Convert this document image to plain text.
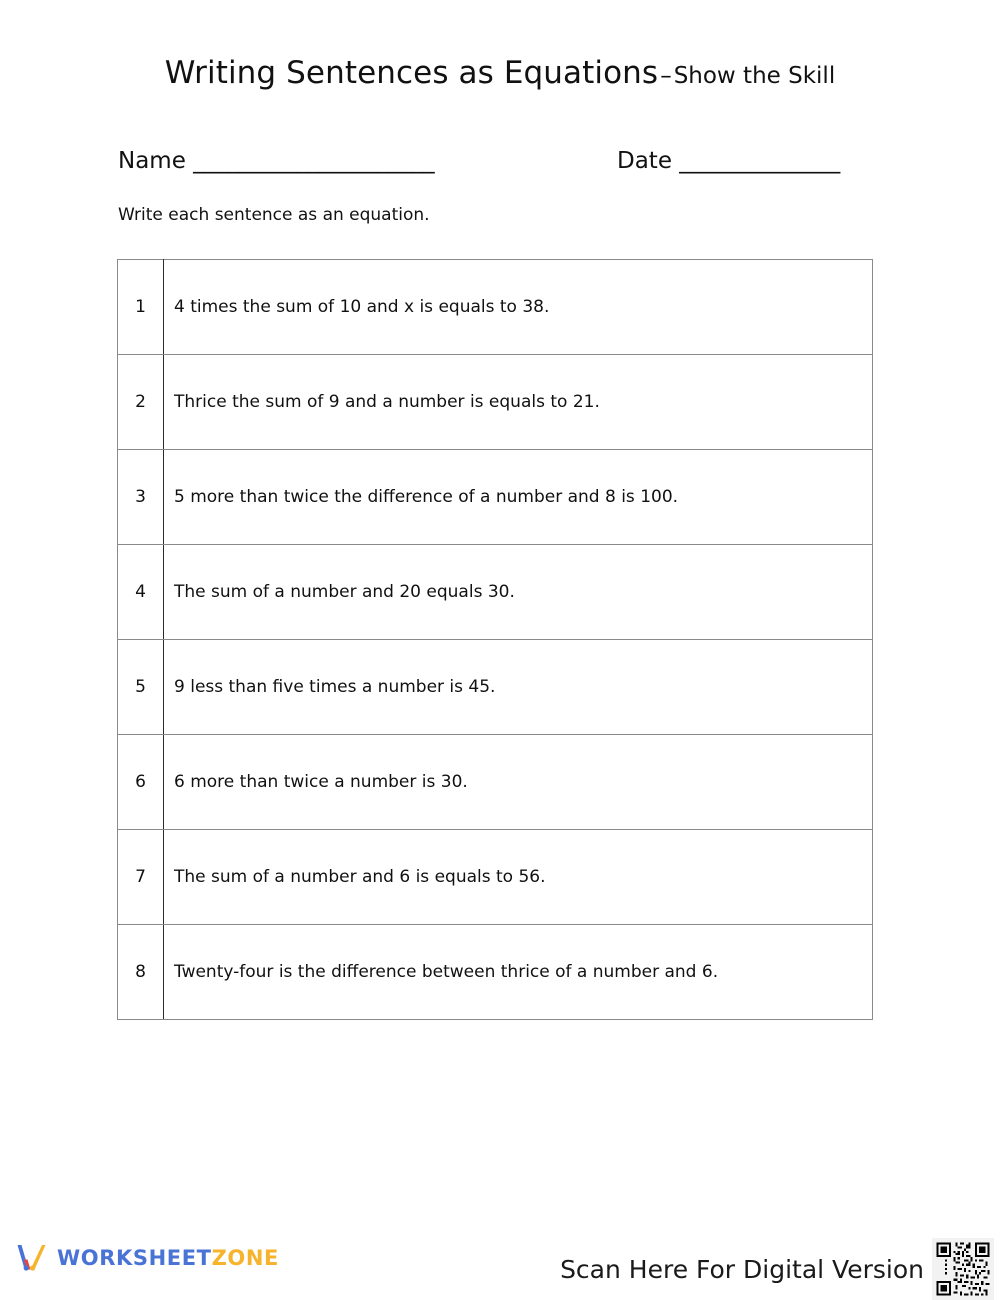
Writing Sentences as Equations–Show the Skill
Name _____________________	Date ______________
Write each sentence as an equation.
1	4 times the sum of 10 and x is equals to 38.
2	Thrice the sum of 9 and a number is equals to 21.
3	5 more than twice the difference of a number and 8 is 100.
4	The sum of a number and 20 equals 30.
5	9 less than five times a number is 45.
6	6 more than twice a number is 30.
7	The sum of a number and 6 is equals to 56.
8	Twenty-four is the difference between thrice of a number and 6.
WORKSHEETZONE	Scan Here For Digital Version
